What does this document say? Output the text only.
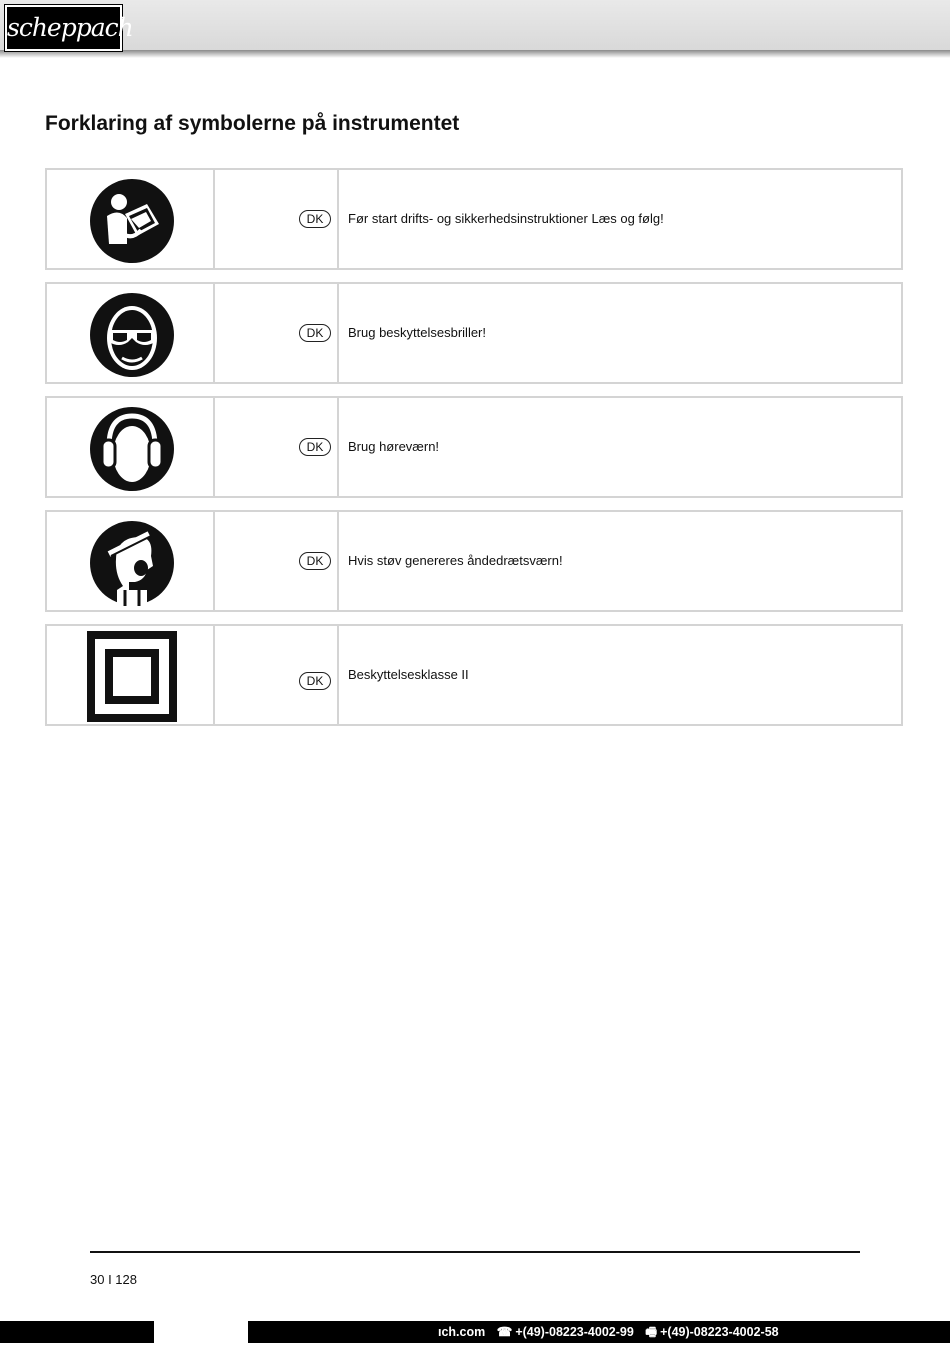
scheppach
Forklaring af symbolerne på instrumentet
DK	Før start drifts- og sikkerhedsinstruktioner Læs og følg!
DK	Brug beskyttelsesbriller!
DK	Brug høreværn!
DK	Hvis støv genereres åndedrætsværn!
DK	Beskyttelsesklasse II
30 I 128
ıch.com ☎ +(49)-08223-4002-99 🖷 +(49)-08223-4002-58
